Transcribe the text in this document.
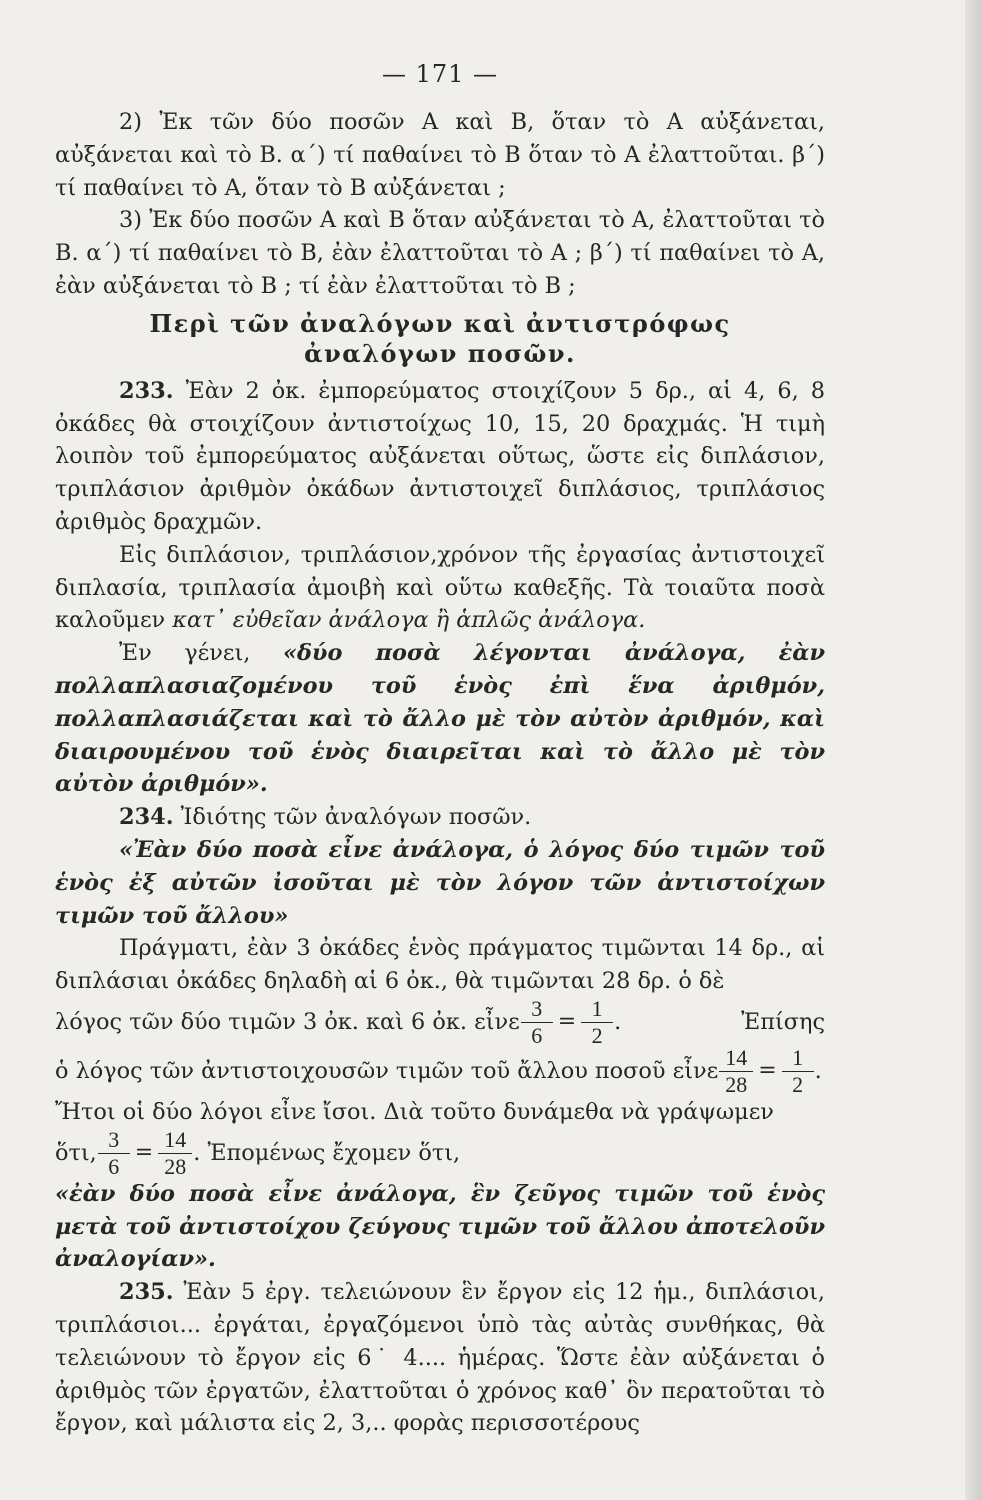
— 171 —

2) Ἐκ τῶν δύο ποσῶν Α καὶ Β, ὅταν τὸ Α αὐξάνεται, αὐξάνεται καὶ τὸ Β. α´) τί παθαίνει τὸ Β ὅταν τὸ Α ἐλαττοῦται. β´) τί παθαίνει τὸ Α, ὅταν τὸ Β αὐξάνεται ;

3) Ἐκ δύο ποσῶν Α καὶ Β ὅταν αὐξάνεται τὸ Α, ἐλαττοῦται τὸ Β. α´) τί παθαίνει τὸ Β, ἐὰν ἐλαττοῦται τὸ Α ; β´) τί παθαίνει τὸ Α, ἐὰν αὐξάνεται τὸ Β ; τί ἐὰν ἐλαττοῦται τὸ Β ;

Περὶ τῶν ἀναλόγων καὶ ἀντιστρόφως
ἀναλόγων ποσῶν.

233. Ἐὰν 2 ὀκ. ἐμπορεύματος στοιχίζουν 5 δρ., αἱ 4, 6, 8 ὀκάδες θὰ στοιχίζουν ἀντιστοίχως 10, 15, 20 δραχμάς. Ἡ τιμὴ λοιπὸν τοῦ ἐμπορεύματος αὐξάνεται οὕτως, ὥστε εἰς διπλάσιον, τριπλάσιον ἀριθμὸν ὀκάδων ἀντιστοιχεῖ διπλάσιος, τριπλάσιος ἀριθμὸς δραχμῶν.

Εἰς διπλάσιον, τριπλάσιον,χρόνον τῆς ἐργασίας ἀντιστοιχεῖ διπλασία, τριπλασία ἀμοιβὴ καὶ οὕτω καθεξῆς. Τὰ τοιαῦτα ποσὰ καλοῦμεν κατ᾽ εὐθεῖαν ἀνάλογα ἢ ἁπλῶς ἀνάλογα.

Ἐν γένει, «δύο ποσὰ λέγονται ἀνάλογα, ἐὰν πολλαπλασιαζομένου τοῦ ἑνὸς ἐπὶ ἕνα ἀριθμόν, πολλαπλασιάζεται καὶ τὸ ἄλλο μὲ τὸν αὐτὸν ἀριθμόν, καὶ διαιρουμένου τοῦ ἑνὸς διαιρεῖται καὶ τὸ ἄλλο μὲ τὸν αὐτὸν ἀριθμόν».

234. Ἰδιότης τῶν ἀναλόγων ποσῶν.

«Ἐὰν δύο ποσὰ εἶνε ἀνάλογα, ὁ λόγος δύο τιμῶν τοῦ ἑνὸς ἐξ αὐτῶν ἰσοῦται μὲ τὸν λόγον τῶν ἀντιστοίχων τιμῶν τοῦ ἄλλου»

Πράγματι, ἐὰν 3 ὀκάδες ἑνὸς πράγματος τιμῶνται 14 δρ., αἱ διπλάσιαι ὀκάδες δηλαδὴ αἱ 6 ὀκ., θὰ τιμῶνται 28 δρ. ὁ δὲ

λόγος τῶν δύο τιμῶν 3 ὀκ. καὶ 6 ὀκ. εἶνε $\frac{3}{6} = \frac{1}{2}$ .	Ἐπίσης
ὁ λόγος τῶν ἀντιστοιχουσῶν τιμῶν τοῦ ἄλλου ποσοῦ εἶνε $\frac{14}{28} = \frac{1}{2}$ .

Ἤτοι οἱ δύο λόγοι εἶνε ἴσοι. Διὰ τοῦτο δυνάμεθα νὰ γράψωμεν

ὅτι, $\frac{3}{6} = \frac{14}{28}$ . Ἐπομένως ἔχομεν ὅτι,

«ἐὰν δύο ποσὰ εἶνε ἀνάλογα, ἓν ζεῦγος τιμῶν τοῦ ἑνὸς μετὰ τοῦ ἀντιστοίχου ζεύγους τιμῶν τοῦ ἄλλου ἀποτελοῦν ἀναλογίαν».

235. Ἐὰν 5 ἐργ. τελειώνουν ἓν ἔργον εἰς 12 ἡμ., διπλάσιοι, τριπλάσιοι... ἐργάται, ἐργαζόμενοι ὑπὸ τὰς αὐτὰς συνθήκας, θὰ τελειώνουν τὸ ἔργον εἰς 6˙ 4.... ἡμέρας. Ὥστε ἐὰν αὐξάνεται ὁ ἀριθμὸς τῶν ἐργατῶν, ἐλαττοῦται ὁ χρόνος καθ᾽ ὃν περατοῦται τὸ ἔργον, καὶ μάλιστα εἰς 2, 3,.. φορὰς περισσοτέρους
